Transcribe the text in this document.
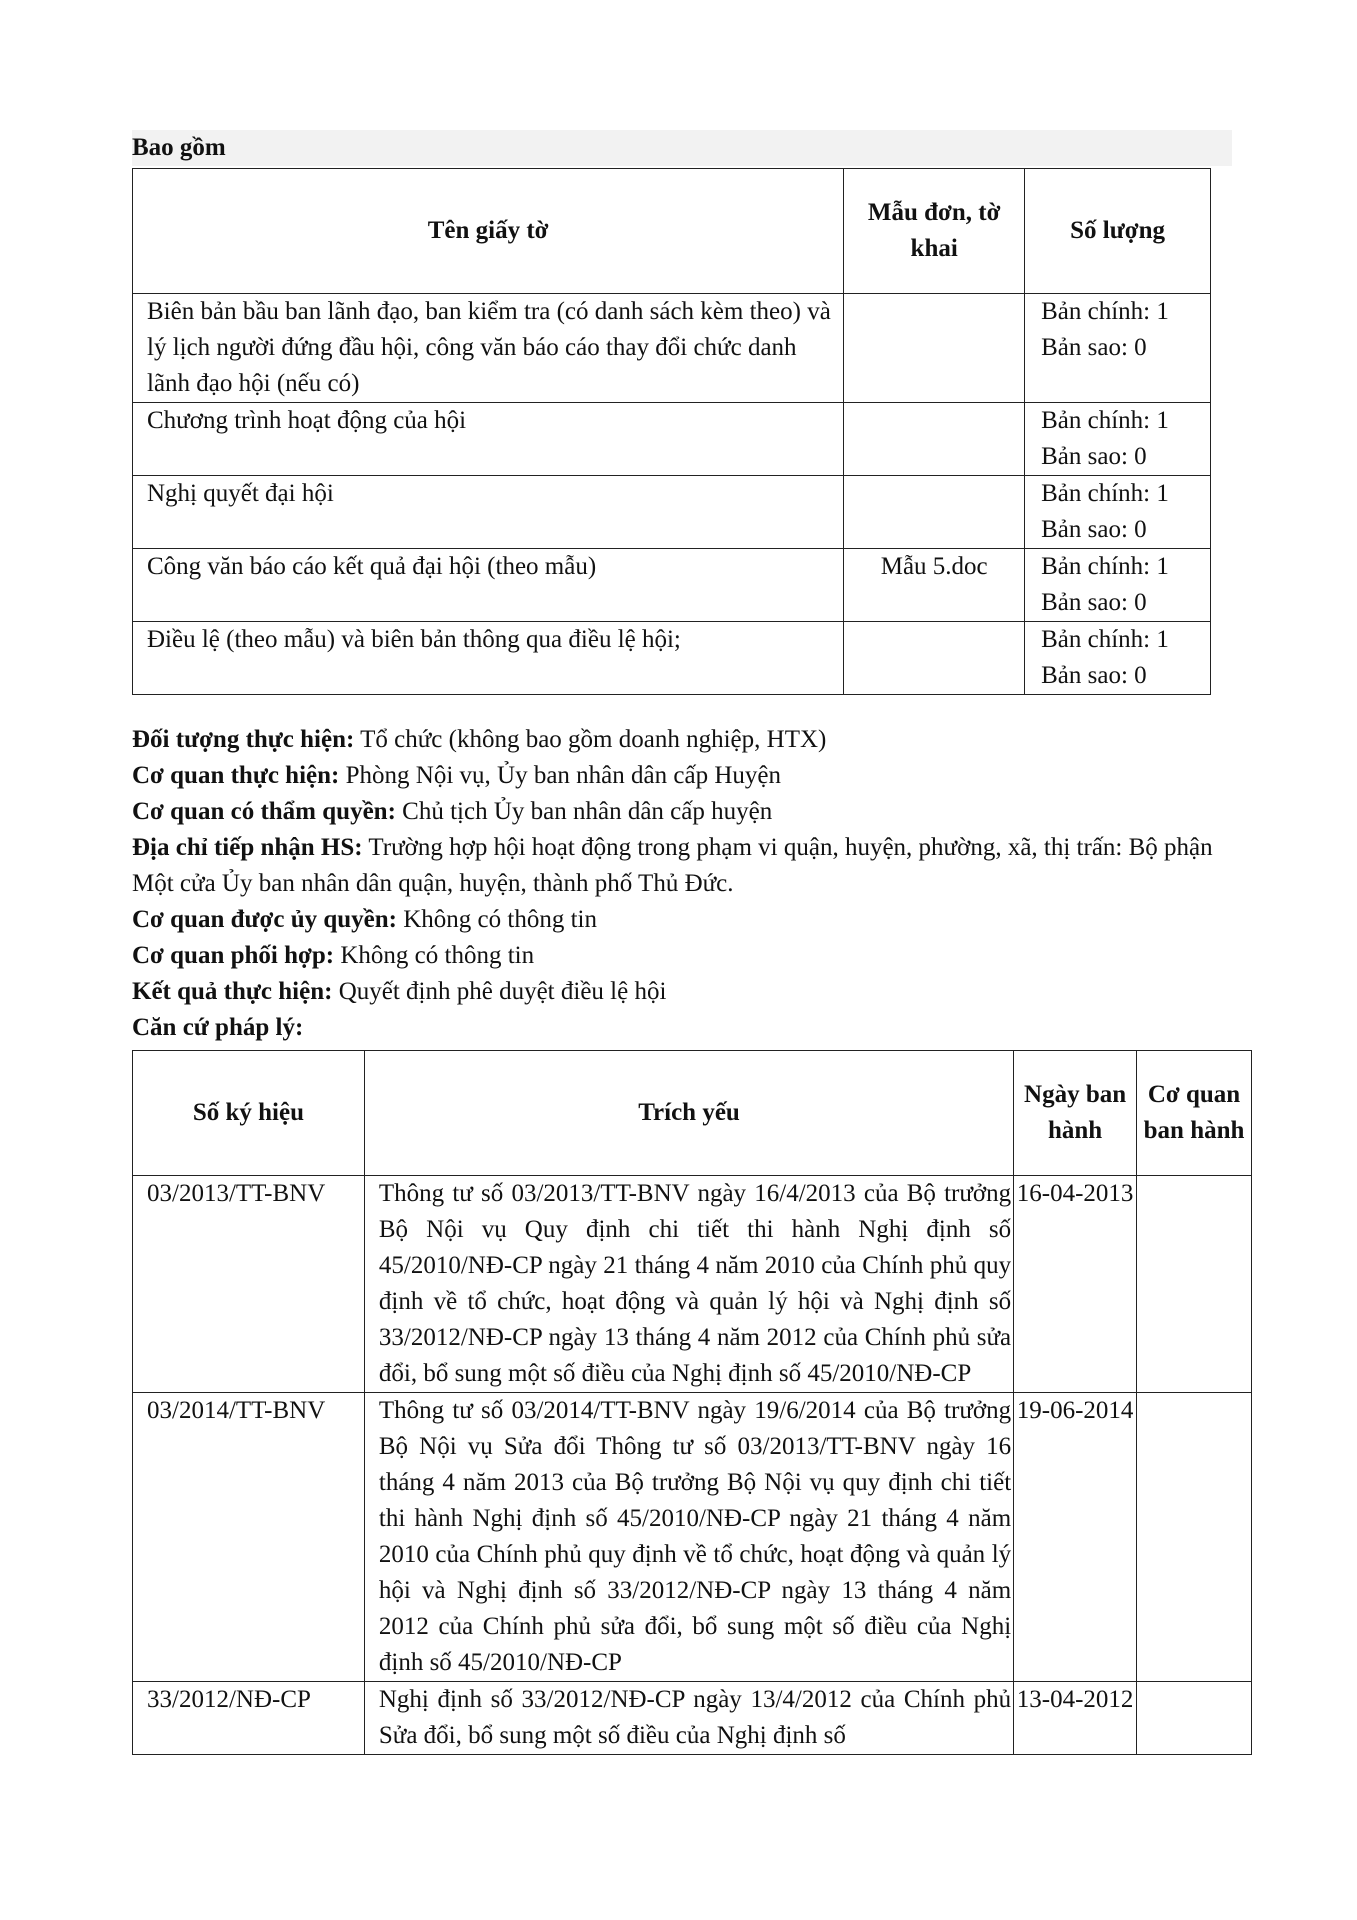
Bao gồm
Tên giấy tờ	Mẫu đơn, tờ khai	Số lượng
Biên bản bầu ban lãnh đạo, ban kiểm tra (có danh sách kèm theo) và lý lịch người đứng đầu hội, công văn báo cáo thay đổi chức danh lãnh đạo hội (nếu có)		Bản chính: 1
Bản sao: 0

Chương trình hoạt động của hội		Bản chính: 1
Bản sao: 0

Nghị quyết đại hội		Bản chính: 1
Bản sao: 0

Công văn báo cáo kết quả đại hội (theo mẫu)	Mẫu 5.doc	Bản chính: 1
Bản sao: 0

Điều lệ (theo mẫu) và biên bản thông qua điều lệ hội;		Bản chính: 1
Bản sao: 0

Đối tượng thực hiện: Tổ chức (không bao gồm doanh nghiệp, HTX)

Cơ quan thực hiện: Phòng Nội vụ, Ủy ban nhân dân cấp Huyện

Cơ quan có thẩm quyền: Chủ tịch Ủy ban nhân dân cấp huyện

Địa chỉ tiếp nhận HS: Trường hợp hội hoạt động trong phạm vi quận, huyện, phường, xã, thị trấn: Bộ phận Một cửa Ủy ban nhân dân quận, huyện, thành phố Thủ Đức.

Cơ quan được ủy quyền: Không có thông tin

Cơ quan phối hợp: Không có thông tin

Kết quả thực hiện: Quyết định phê duyệt điều lệ hội

Căn cứ pháp lý:

Số ký hiệu	Trích yếu	Ngày ban hành	Cơ quan ban hành
03/2013/TT-BNV	Thông tư số 03/2013/TT-BNV ngày 16/4/2013 của Bộ trưởng Bộ Nội vụ Quy định chi tiết thi hành Nghị định số 45/2010/NĐ-CP ngày 21 tháng 4 năm 2010 của Chính phủ quy định về tổ chức, hoạt động và quản lý hội và Nghị định số 33/2012/NĐ-CP ngày 13 tháng 4 năm 2012 của Chính phủ sửa đổi, bổ sung một số điều của Nghị định số 45/2010/NĐ-CP	16-04-2013	
03/2014/TT-BNV	Thông tư số 03/2014/TT-BNV ngày 19/6/2014 của Bộ trưởng Bộ Nội vụ Sửa đổi Thông tư số 03/2013/TT-BNV ngày 16 tháng 4 năm 2013 của Bộ trưởng Bộ Nội vụ quy định chi tiết thi hành Nghị định số 45/2010/NĐ-CP ngày 21 tháng 4 năm 2010 của Chính phủ quy định về tổ chức, hoạt động và quản lý hội và Nghị định số 33/2012/NĐ-CP ngày 13 tháng 4 năm 2012 của Chính phủ sửa đổi, bổ sung một số điều của Nghị định số 45/2010/NĐ-CP	19-06-2014	
33/2012/NĐ-CP	Nghị định số 33/2012/NĐ-CP ngày 13/4/2012 của Chính phủ Sửa đổi, bổ sung một số điều của Nghị định số	13-04-2012	
